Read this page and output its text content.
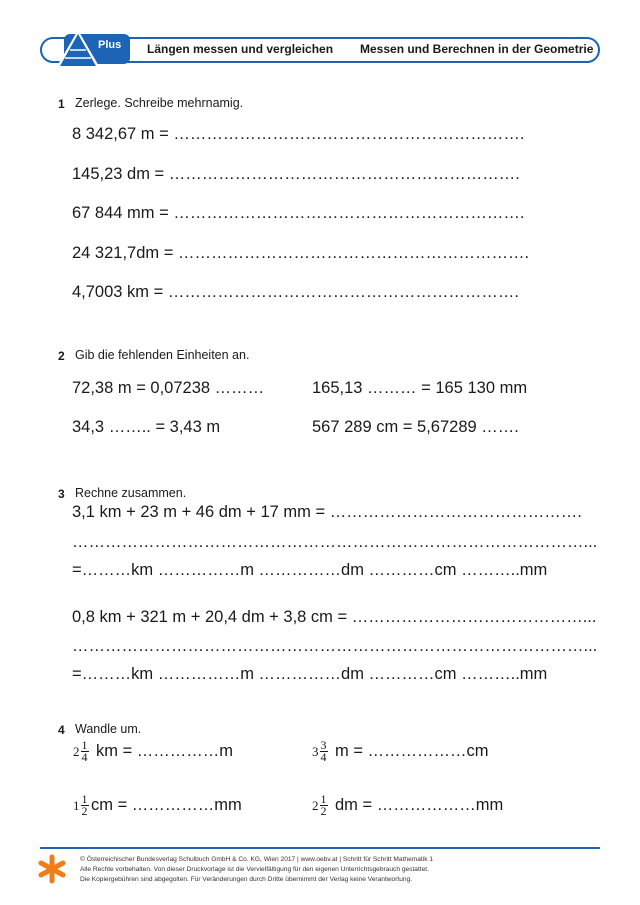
Plus Längen messen und vergleichen Messen und Berechnen in der Geometrie
1 Zerlege. Schreibe mehrnamig.
8 342,67 m = ……………………………………………………….
145,23 dm = ……………………………………………………….
67 844 mm = ……………………………………………………….
24 321,7dm = ……………………………………………………….
4,7003 km = ……………………………………………………….
2 Gib die fehlenden Einheiten an.
72,38 m = 0,07238 ………	165,13 ……… = 165 130 mm
34,3 …….. = 3,43 m	567 289 cm = 5,67289 …….
3 Rechne zusammen.
3,1 km + 23 m + 46 dm + 17 mm = ……………………………………….
…………………………………………………………………………………...
=………km ……………m ……………dm …………cm ………..mm
0,8 km + 321 m + 20,4 dm + 3,8 cm = ……………………………………...
…………………………………………………………………………………...
=………km ……………m ……………dm …………cm ………..mm
4 Wandle um.
$2 \frac{1}{4}$ km = ……………m	$3 \frac{3}{4}$ m = ………………cm
$1 \frac{1}{2}$ cm = ……………mm	$2 \frac{1}{2}$ dm = ………………mm
© Österreichischer Bundesverlag Schulbuch GmbH & Co. KG, Wien 2017 | www.oebv.at | Schritt für Schritt Mathematik 1
Alle Rechte vorbehalten. Von dieser Druckvorlage ist die Vervielfältigung für den eigenen Unterrichtsgebrauch gestattet.
Die Kopiergebühren sind abgegolten. Für Veränderungen durch Dritte übernimmt der Verlag keine Verantwortung.
